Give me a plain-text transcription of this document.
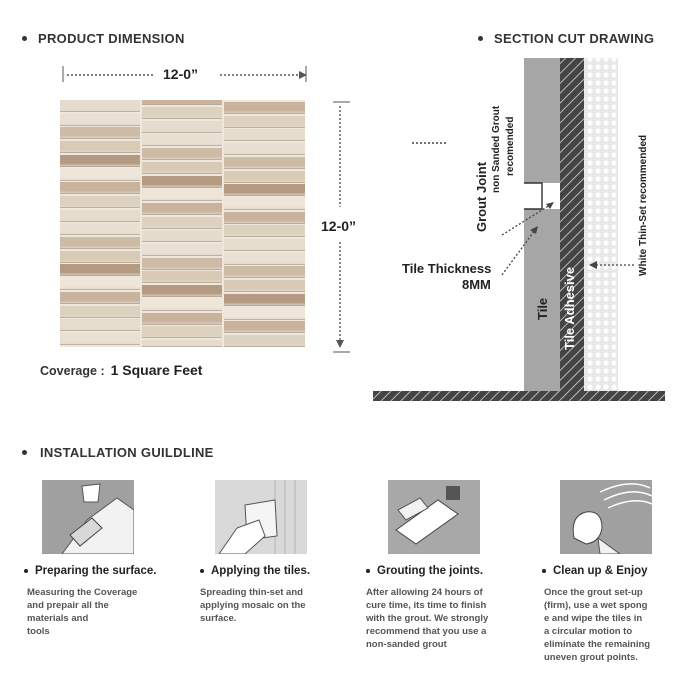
PRODUCT DIMENSION
12-0”
12-0”
Coverage : 1 Square Feet
SECTION CUT DRAWING
Grout Joint
non Sanded Grout recomended	White Thin-Set recommended
Tile Tile Adhesive
Tile Thickness
8MM
INSTALLATION GUILDLINE
Preparing the surface.	Applying the tiles.	Grouting the joints.	Clean up & Enjoy
Measuring the Coverage
and prepair all the
materials and
tools
Spreading thin-set and
applying mosaic on the
surface.
After allowing 24 hours of
cure time, its time to finish
with the grout. We strongly
recommend that you use a
non-sanded grout
Once the grout set-up
(firm), use a wet spong
e and wipe the tiles in
a circular motion to
eliminate the remaining
uneven grout points.
